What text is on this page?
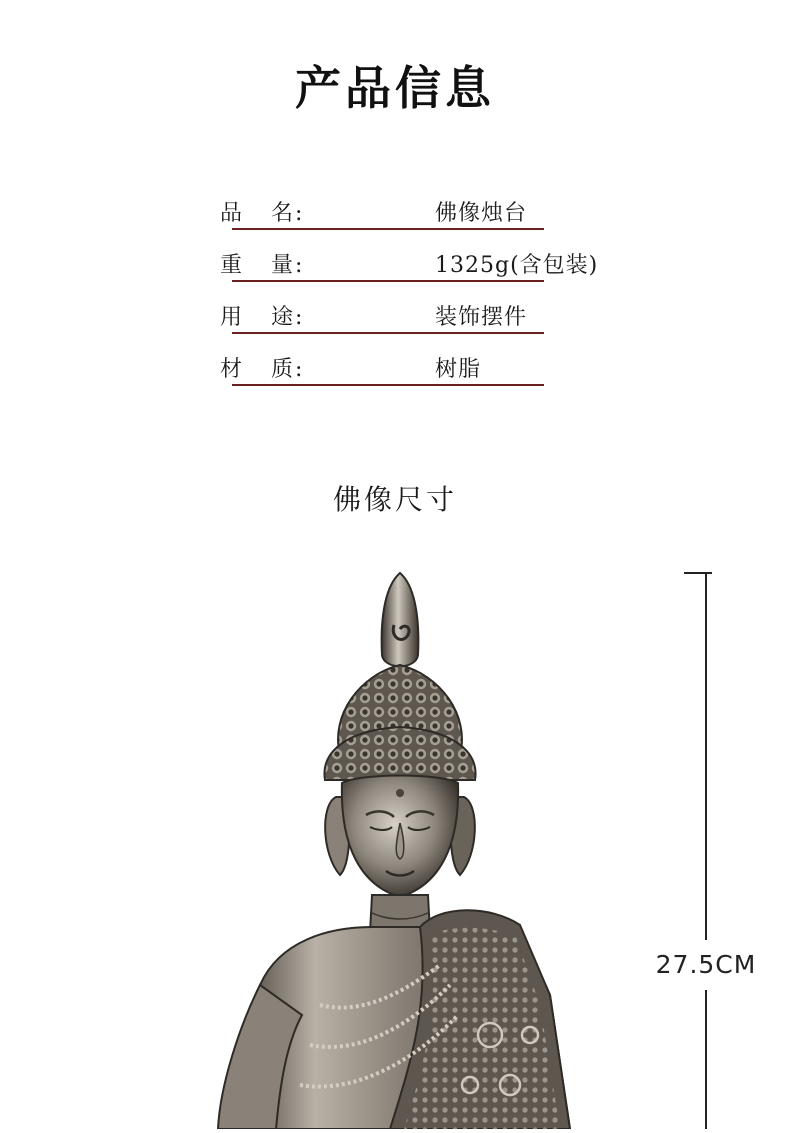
产品信息
品   名:	佛像烛台
重   量:	1325g(含包装)
用   途:	装饰摆件
材   质:	树脂
佛像尺寸
27.5CM
